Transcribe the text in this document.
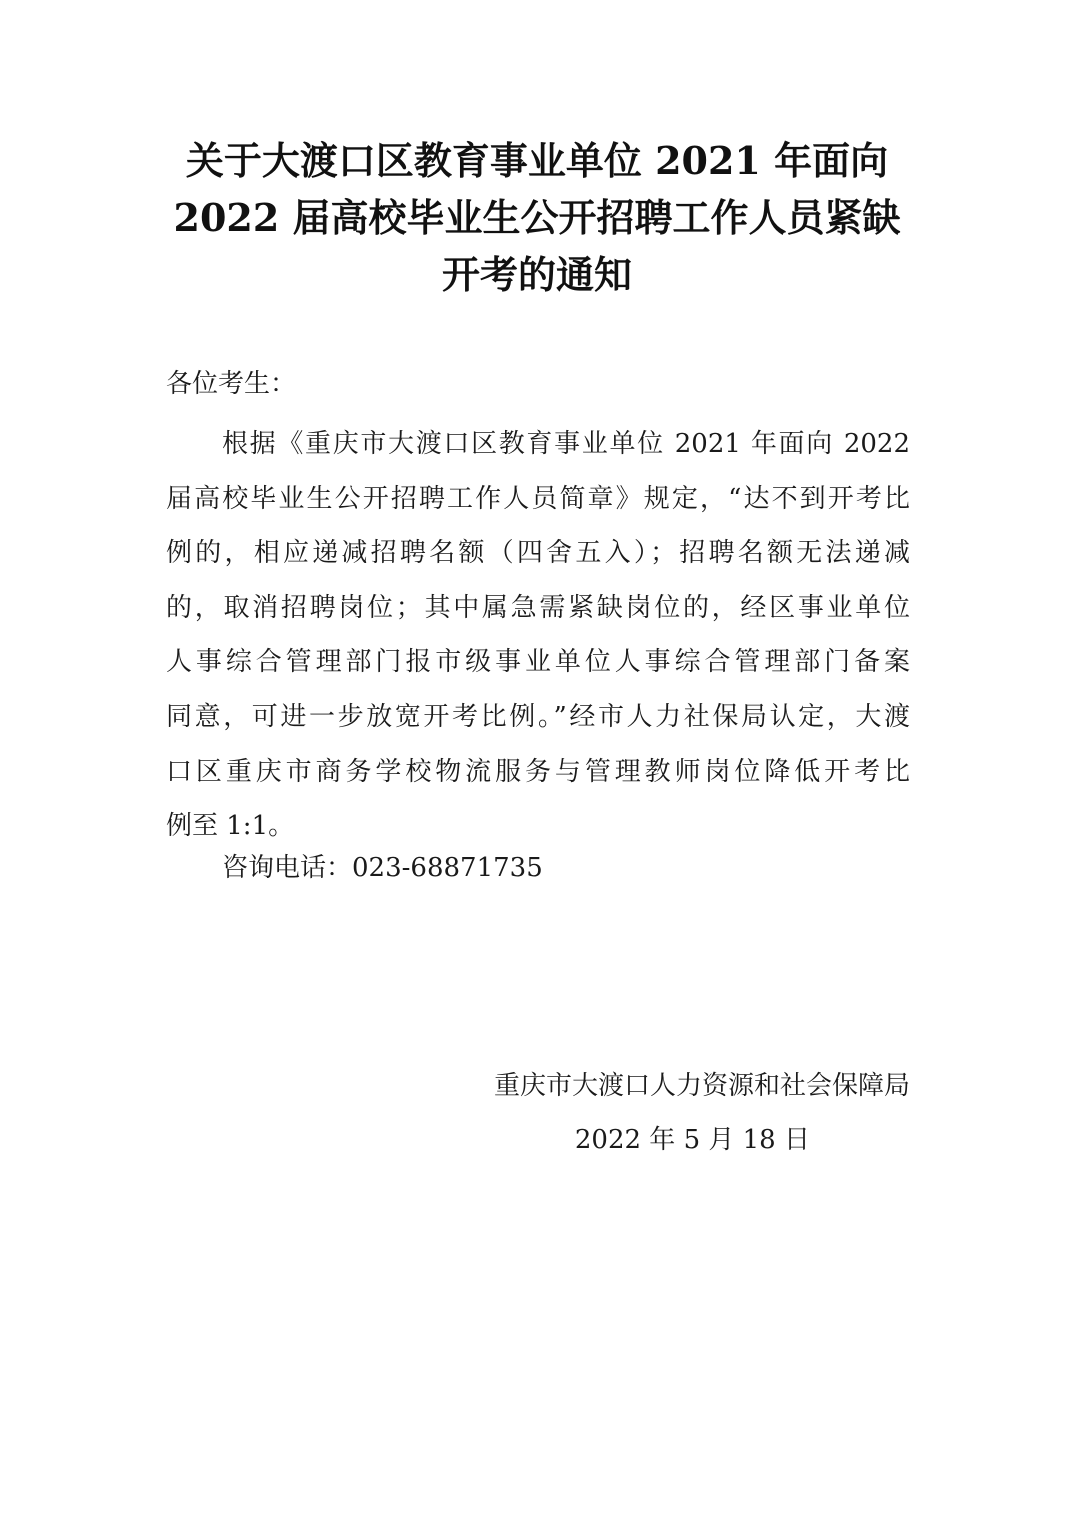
关于大渡口区教育事业单位 2021 年面向
2022 届高校毕业生公开招聘工作人员紧缺
开考的通知
各位考生：
根据《重庆市大渡口区教育事业单位 2021 年面向 2022
届高校毕业生公开招聘工作人员简章》规定，“达不到开考比
例的，相应递减招聘名额（四舍五入）；招聘名额无法递减
的，取消招聘岗位；其中属急需紧缺岗位的，经区事业单位
人事综合管理部门报市级事业单位人事综合管理部门备案
同意，可进一步放宽开考比例。”经市人力社保局认定，大渡
口区重庆市商务学校物流服务与管理教师岗位降低开考比
例至 1:1。
咨询电话：023-68871735
重庆市大渡口人力资源和社会保障局
2022 年 5 月 18 日
